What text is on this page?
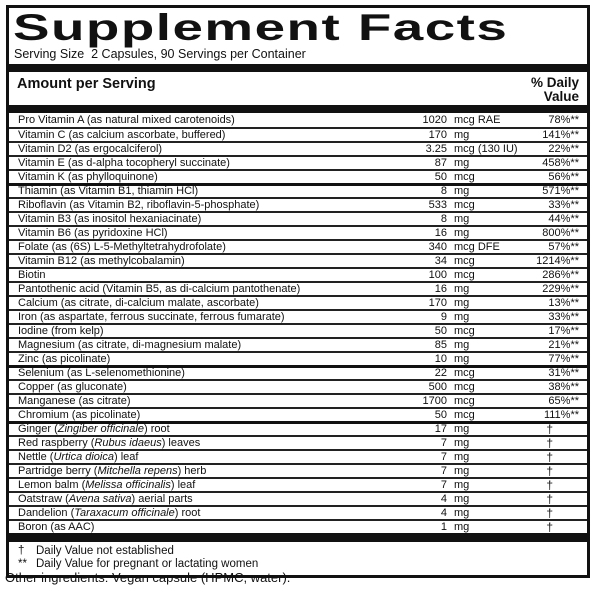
Supplement Facts
Serving Size  2 Capsules, 90 Servings per Container
Amount per Serving	% Daily
Value
Pro Vitamin A (as natural mixed carotenoids)	1020 mcg RAE	78%**
Vitamin C (as calcium ascorbate, buffered)	170 mg	141%**
Vitamin D2 (as ergocalciferol)	3.25 mcg (130 IU)	22%**
Vitamin E (as d-alpha tocopheryl succinate)	87 mg	458%**
Vitamin K (as phylloquinone)	50 mcg	56%**
Thiamin (as Vitamin B1, thiamin HCl)	8 mg	571%**
Riboflavin (as Vitamin B2, riboflavin-5-phosphate)	533 mcg	33%**
Vitamin B3 (as inositol hexaniacinate)	8 mg	44%**
Vitamin B6 (as pyridoxine HCl)	16 mg	800%**
Folate (as (6S) L-5-Methyltetrahydrofolate)	340 mcg DFE	57%**
Vitamin B12 (as methylcobalamin)	34 mcg	1214%**
Biotin	100 mcg	286%**
Pantothenic acid (Vitamin B5, as di-calcium pantothenate)	16 mg	229%**
Calcium (as citrate, di-calcium malate, ascorbate)	170 mg	13%**
Iron (as aspartate, ferrous succinate, ferrous fumarate)	9 mg	33%**
Iodine (from kelp)	50 mcg	17%**
Magnesium (as citrate, di-magnesium malate)	85 mg	21%**
Zinc (as picolinate)	10 mg	77%**
Selenium (as L-selenomethionine)	22 mcg	31%**
Copper (as gluconate)	500 mcg	38%**
Manganese (as citrate)	1700 mcg	65%**
Chromium (as picolinate)	50 mcg	111%**
Ginger (Zingiber officinale) root	17 mg	†
Red raspberry (Rubus idaeus) leaves	7 mg	†
Nettle (Urtica dioica) leaf	7 mg	†
Partridge berry (Mitchella repens) herb	7 mg	†
Lemon balm (Melissa officinalis) leaf	7 mg	†
Oatstraw (Avena sativa) aerial parts	4 mg	†
Dandelion (Taraxacum officinale) root	4 mg	†
Boron (as AAC)	1 mg	†
† Daily Value not established
** Daily Value for pregnant or lactating women
Other ingredients: Vegan capsule (HPMC, water).
